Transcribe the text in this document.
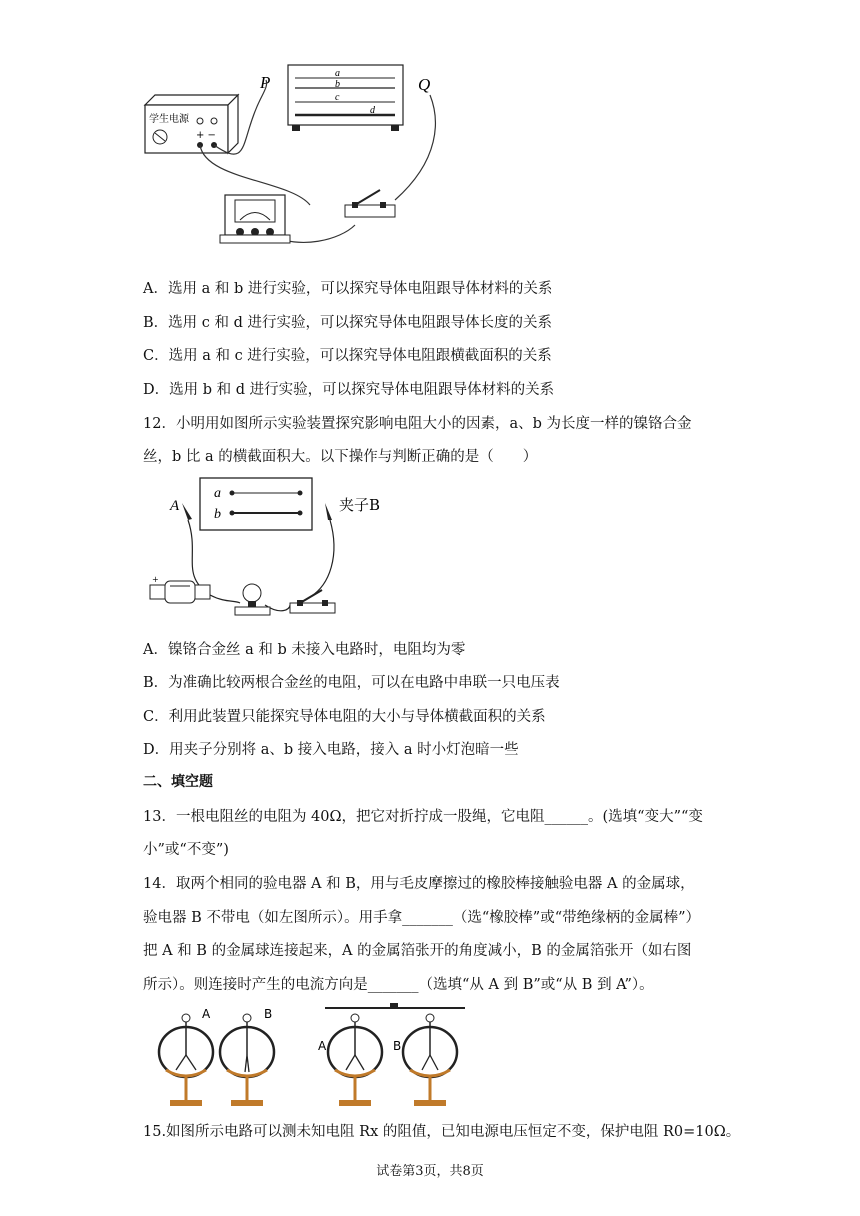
学生电源
+ −
a
b
c
d
P	Q
A．选用 a 和 b 进行实验，可以探究导体电阻跟导体材料的关系
B．选用 c 和 d 进行实验，可以探究导体电阻跟导体长度的关系
C．选用 a 和 c 进行实验，可以探究导体电阻跟横截面积的关系
D．选用 b 和 d 进行实验，可以探究导体电阻跟导体材料的关系
12．小明用如图所示实验装置探究影响电阻大小的因素，a、b 为长度一样的镍铬合金
丝，b 比 a 的横截面积大。以下操作与判断正确的是（　　）
a
b
A	夹子B
+
A．镍铬合金丝 a 和 b 未接入电路时，电阻均为零
B．为准确比较两根合金丝的电阻，可以在电路中串联一只电压表
C．利用此装置只能探究导体电阻的大小与导体横截面积的关系
D．用夹子分别将 a、b 接入电路，接入 a 时小灯泡暗一些
二、填空题
13．一根电阻丝的电阻为 40Ω，把它对折拧成一股绳，它电阻______。(选填“变大”“变
小”或“不变”)
14．取两个相同的验电器 A 和 B，用与毛皮摩擦过的橡胶棒接触验电器 A 的金属球，
验电器 B 不带电（如左图所示）。用手拿_______（选“橡胶棒”或“带绝缘柄的金属棒”）
把 A 和 B 的金属球连接起来，A 的金属箔张开的角度减小，B 的金属箔张开（如右图
所示）。则连接时产生的电流方向是_______（选填“从 A 到 B”或“从 B 到 A”）。
A	B
A	B
15.如图所示电路可以测未知电阻 Rx 的阻值，已知电源电压恒定不变，保护电阻 R0=10Ω。
试卷第3页，共8页
